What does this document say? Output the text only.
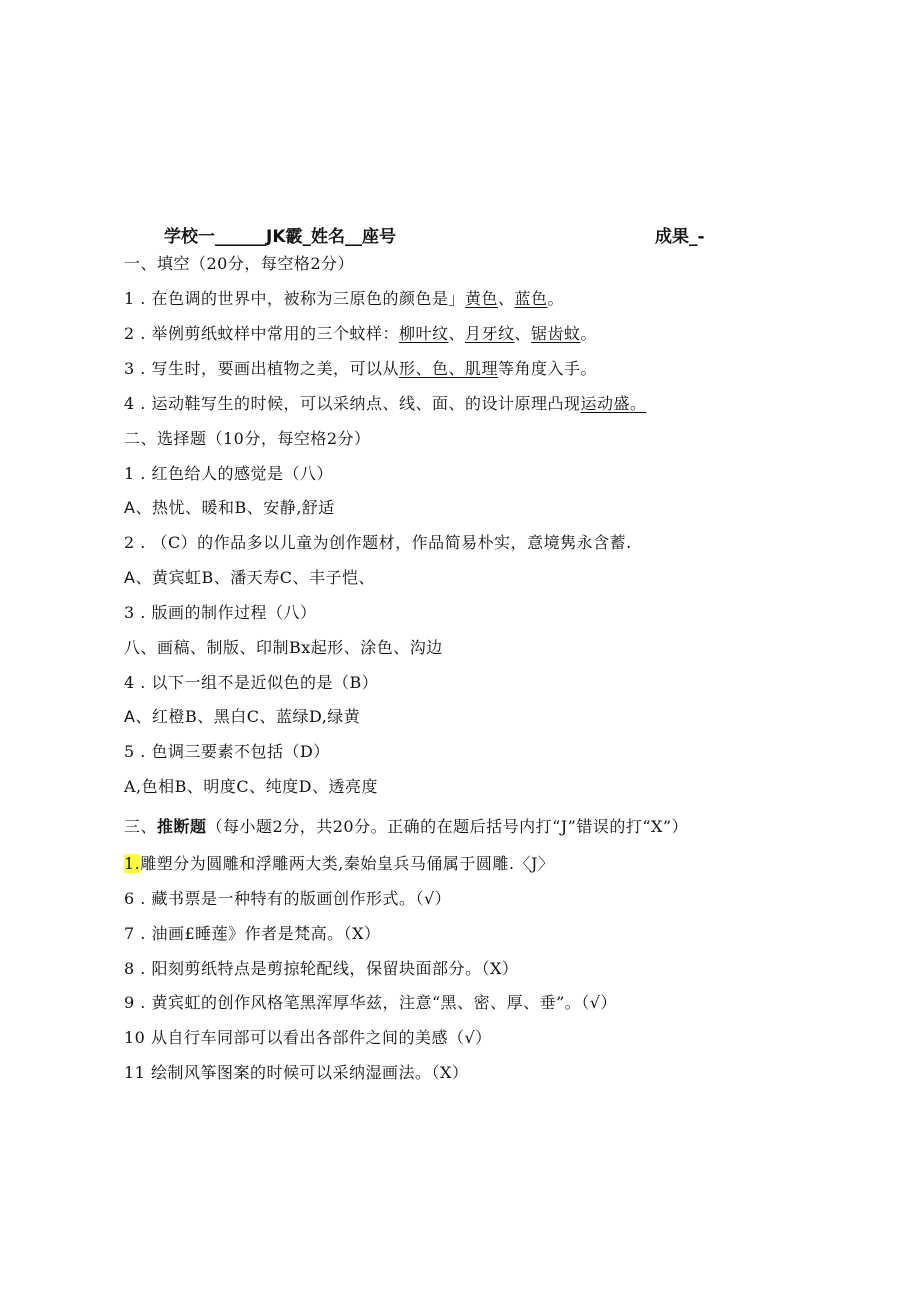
学校一______JK霰_姓名__座号	成果_-
一、填空（20分，每空格2分）
1 . 在色调的世界中，被称为三原色的颜色是」黄色、蓝色。
2 . 举例剪纸蚊样中常用的三个蚊样：柳叶纹、月牙纹、锯齿蚊。
3 . 写生时，要画出植物之美，可以从形、色、肌理等角度入手。
4 . 运动鞋写生的时候，可以采纳点、线、面、的设计原理凸现运动盛。
二、选择题（10分，每空格2分）
1 . 红色给人的感觉是（八）
A、热忧、暖和B、安静,舒适
2 . （C）的作品多以儿童为创作题材，作品简易朴实，意境隽永含蓄.
A、黄宾虹B、潘天寿C、丰子恺、
3 . 版画的制作过程（八）
八、画稿、制版、印制Bx起形、涂色、沟边
4 . 以下一组不是近似色的是（B）
A、红橙B、黑白C、蓝绿D,绿黄
5 . 色调三要素不包括（D）
A,色相B、明度C、纯度D、透亮度
三、推断题（每小题2分，共20分。正确的在题后括号内打“J”错误的打“X”）
1.雕塑分为圆雕和浮雕两大类,秦始皇兵马俑属于圆雕.〈J〉
6 . 藏书票是一种特有的版画创作形式。（√）
7 . 油画£睡莲》作者是梵高。（X）
8 . 阳刻剪纸特点是剪掠轮配线，保留块面部分。（X）
9 . 黄宾虹的创作风格笔黑浑厚华兹，注意“黑、密、厚、垂”。（√）
10 从自行车同部可以看出各部件之间的美感（√）
11 绘制风筝图案的时候可以采纳湿画法。（X）
